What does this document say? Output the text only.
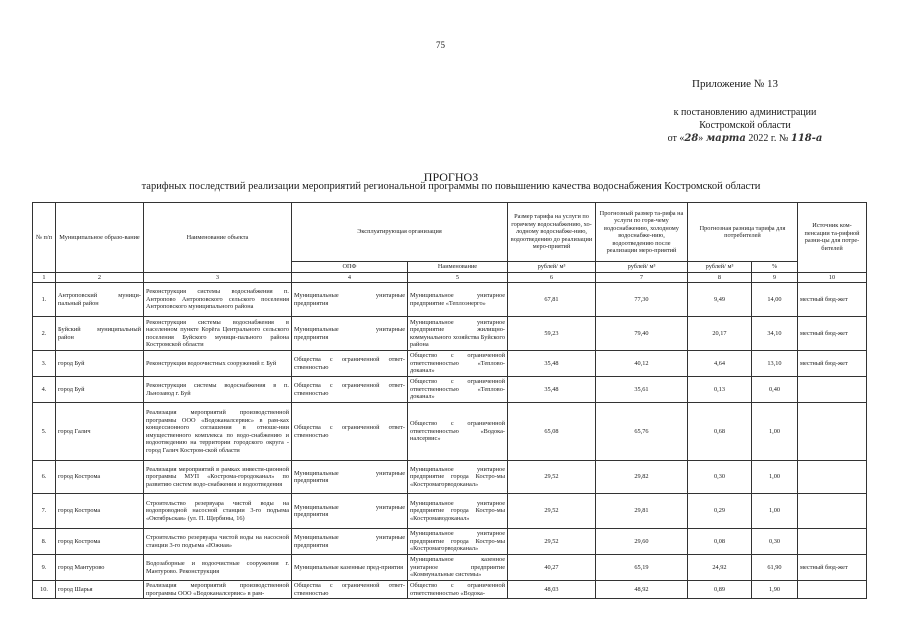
75
Приложение № 13
к постановлению администрации
Костромской области
от «28» марта 2022 г. № 118-а
ПРОГНОЗ
тарифных последствий реализации мероприятий региональной программы по повышению качества водоснабжения Костромской области
№ п/п	Муниципальное образо-вание	Наименование объекта	Эксплуатирующая организация		Размер тарифа на услуги по горячему водоснабжению, хо-лодному водоснабже-нию, водоотведению до реализации меро-приятий	Прогнозный размер та-рифа на услуги по горя-чему водоснабжению, холодному водоснабже-нию, водоотведению после реализации меро-приятий	Прогнозная разница тарифа для потребителей		Источник ком-пенсации та-рифной разни-цы для потре-бителей
			ОПФ	Наименование	рублей/ м³	рублей/ м³	рублей/ м³	%	
1	2	3	4	5	6	7	8	9	10
1.	Антроповский муници-пальный район	Реконструкция системы водоснабжения п. Антропово Антроповского сельского поселения Антроповского муниципального района	Муниципальные унитарные предприятия	Муниципальное унитарное предприятие «Теплоэнерго»	67,81	77,30	9,49	14,00	местный бюд-жет
2.	Буйский муниципальный район	Реконструкция системы водоснабжения в населенном пункте Корёга Центрального сельского поселения Буйского муници-пального района Костромской области	Муниципальные унитарные предприятия	Муниципальное унитарное предприятие жилищно-коммунального хозяйства Буйского района	59,23	79,40	20,17	34,10	местный бюд-жет
3.	город Буй	Реконструкция водоочистных сооружений г. Буй	Общества с ограниченной ответ-ственностью	Общество с ограниченной ответственностью «Теплово-доканал»	35,48	40,12	4,64	13,10	местный бюд-жет
4.	город Буй	Реконструкция системы водоснабжения в п. Льнозавод г. Буй	Общества с ограниченной ответ-ственностью	Общество с ограниченной ответственностью «Теплово-доканал»	35,48	35,61	0,13	0,40	
5.	город Галич	Реализация мероприятий производственной программы ООО «Водоканалсервис» в рам-ках концессионного соглашения в отноше-нии имущественного комплекса по водо-снабжению и водоотведению на территории городского округа - город Галич Костром-ской области	Общества с ограниченной ответ-ственностью	Общество с ограниченной ответственностью «Водока-налсервис»	65,08	65,76	0,68	1,00	
6.	город Кострома	Реализация мероприятий в рамках инвести-ционной программы МУП «Кострома-городоканал» по развитию систем водо-снабжения и водоотведения	Муниципальные унитарные предприятия	Муниципальное унитарное предприятие города Костро-мы «Костромагорводоканал»	29,52	29,82	0,30	1,00	
7.	город Кострома	Строительство резервуара чистой воды на водопроводной насосной станции 3-го подъема «Октябрьская» (ул. П. Щербины, 16)	Муниципальные унитарные предприятия	Муниципальное унитарное предприятие города Костро-мы «Костромаводоканал»	29,52	29,81	0,29	1,00	
8.	город Кострома	Строительство резервуара чистой воды на насосной станции 3-го подъема «Южная»	Муниципальные унитарные предприятия	Муниципальное унитарное предприятие города Костро-мы «Костромагорводоканал»	29,52	29,60	0,08	0,30	
9.	город Мантурово	Водозаборные и водоочистные сооружения г. Мантурово. Реконструкция	Муниципальные казенные пред-приятия	Муниципальное казенное унитарное предприятие «Коммунальные системы»	40,27	65,19	24,92	61,90	местный бюд-жет
10.	город Шарья	Реализация мероприятий производственной программы ООО «Водоканалсервис» в рам-	Общества с ограниченной ответ-ственностью	Общество с ограниченной ответственностью «Водока-	48,03	48,92	0,89	1,90	
